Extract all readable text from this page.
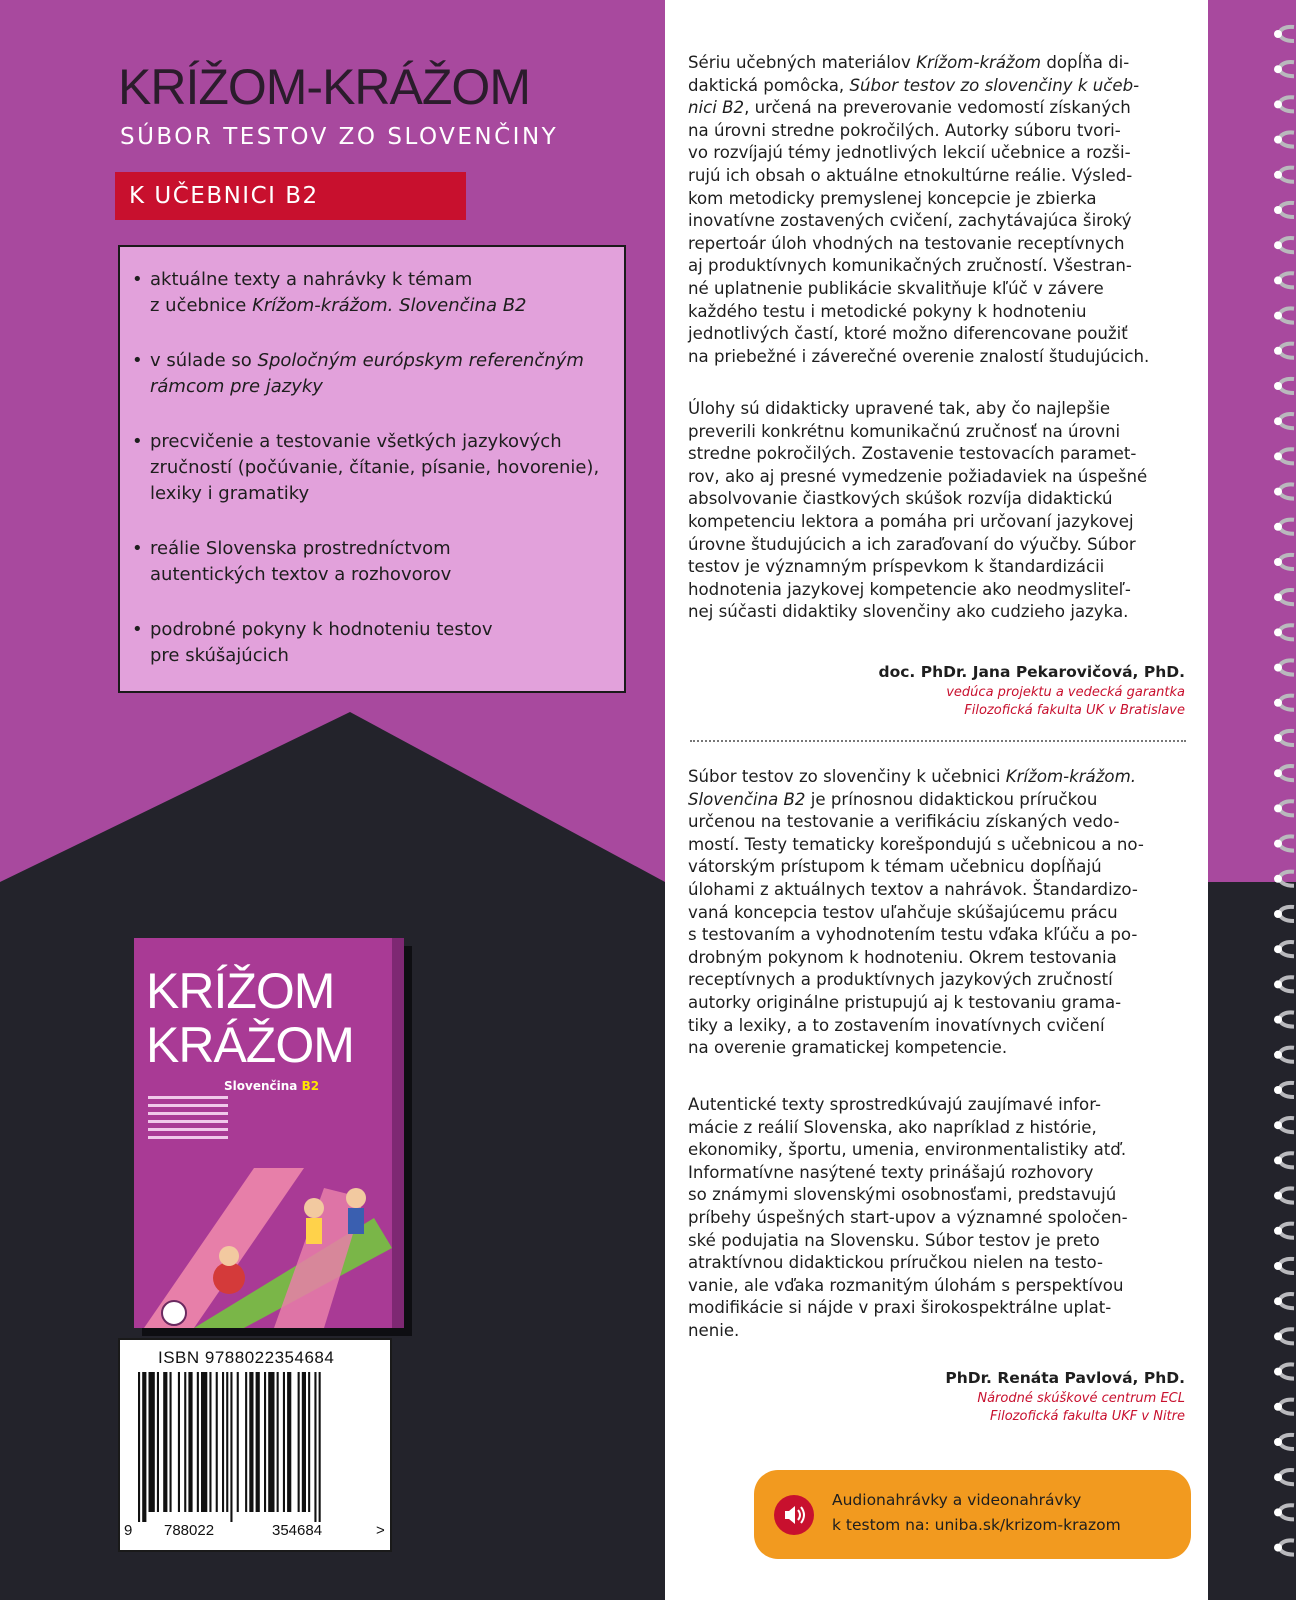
KRÍŽOM-KRÁŽOM
SÚBOR TESTOV ZO SLOVENČINY
K UČEBNICI B2
• aktuálne texty a nahrávky k témam
z učebnice Krížom-krážom. Slovenčina B2
• v súlade so Spoločným európskym referenčným
rámcom pre jazyky
• precvičenie a testovanie všetkých jazykových
zručností (počúvanie, čítanie, písanie, hovorenie),
lexiky i gramatiky
• reálie Slovenska prostredníctvom
autentických textov a rozhovorov
• podrobné pokyny k hodnoteniu testov
pre skúšajúcich
KRÍŽOM
KRÁŽOM
Slovenčina B2
ISBN 9788022354684
9 788022	354684	>
Sériu učebných materiálov Krížom-krážom dopĺňa di-
daktická pomôcka, Súbor testov zo slovenčiny k učeb-
nici B2, určená na preverovanie vedomostí získaných
na úrovni stredne pokročilých. Autorky súboru tvori-
vo rozvíjajú témy jednotlivých lekcií učebnice a rozši-
rujú ich obsah o aktuálne etnokultúrne reálie. Výsled-
kom metodicky premyslenej koncepcie je zbierka
inovatívne zostavených cvičení, zachytávajúca široký
repertoár úloh vhodných na testovanie receptívnych
aj produktívnych komunikačných zručností. Všestran-
né uplatnenie publikácie skvalitňuje kľúč v závere
každého testu i metodické pokyny k hodnoteniu
jednotlivých častí, ktoré možno diferencovane použiť
na priebežné i záverečné overenie znalostí študujúcich.
Úlohy sú didakticky upravené tak, aby čo najlepšie
preverili konkrétnu komunikačnú zručnosť na úrovni
stredne pokročilých. Zostavenie testovacích paramet-
rov, ako aj presné vymedzenie požiadaviek na úspešné
absolvovanie čiastkových skúšok rozvíja didaktickú
kompetenciu lektora a pomáha pri určovaní jazykovej
úrovne študujúcich a ich zaraďovaní do výučby. Súbor
testov je významným príspevkom k štandardizácii
hodnotenia jazykovej kompetencie ako neodmysliteľ-
nej súčasti didaktiky slovenčiny ako cudzieho jazyka.
doc. PhDr. Jana Pekarovičová, PhD.
vedúca projektu a vedecká garantka
Filozofická fakulta UK v Bratislave
Súbor testov zo slovenčiny k učebnici Krížom-krážom.
Slovenčina B2 je prínosnou didaktickou príručkou
určenou na testovanie a verifikáciu získaných vedo-
mostí. Testy tematicky korešpondujú s učebnicou a no-
vátorským prístupom k témam učebnicu dopĺňajú
úlohami z aktuálnych textov a nahrávok. Štandardizo-
vaná koncepcia testov uľahčuje skúšajúcemu prácu
s testovaním a vyhodnotením testu vďaka kľúču a po-
drobným pokynom k hodnoteniu. Okrem testovania
receptívnych a produktívnych jazykových zručností
autorky originálne pristupujú aj k testovaniu grama-
tiky a lexiky, a to zostavením inovatívnych cvičení
na overenie gramatickej kompetencie.
Autentické texty sprostredkúvajú zaujímavé infor-
mácie z reálií Slovenska, ako napríklad z histórie,
ekonomiky, športu, umenia, environmentalistiky atď.
Informatívne nasýtené texty prinášajú rozhovory
so známymi slovenskými osobnosťami, predstavujú
príbehy úspešných start-upov a významné spoločen-
ské podujatia na Slovensku. Súbor testov je preto
atraktívnou didaktickou príručkou nielen na testo-
vanie, ale vďaka rozmanitým úlohám s perspektívou
modifikácie si nájde v praxi širokospektrálne uplat-
nenie.
PhDr. Renáta Pavlová, PhD.
Národné skúškové centrum ECL
Filozofická fakulta UKF v Nitre
Audionahrávky a videonahrávky
k testom na: uniba.sk/krizom-krazom
